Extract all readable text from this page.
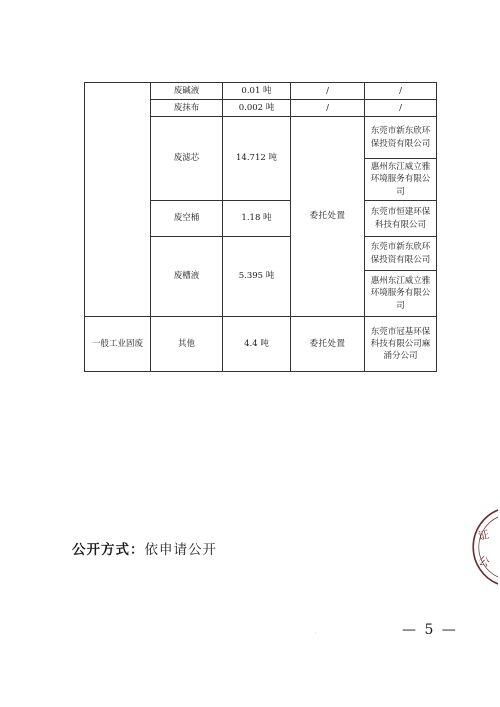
	废碱液	0.01 吨	/	/
	废抹布	0.002 吨	/	/
	废滤芯	14.712 吨	委托处置	东莞市新东欣环保投资有限公司
				惠州东江威立雅环境服务有限公司
	废空桶	1.18 吨		东莞市恒建环保科技有限公司
	废槽液	5.395 吨		东莞市新东欣环保投资有限公司
				惠州东江威立雅环境服务有限公司
一般工业固废	其他	4.4 吨	委托处置	东莞市冠基环保科技有限公司麻涌分公司
公开方式：依申请公开
证
公
— 5 —
˙
